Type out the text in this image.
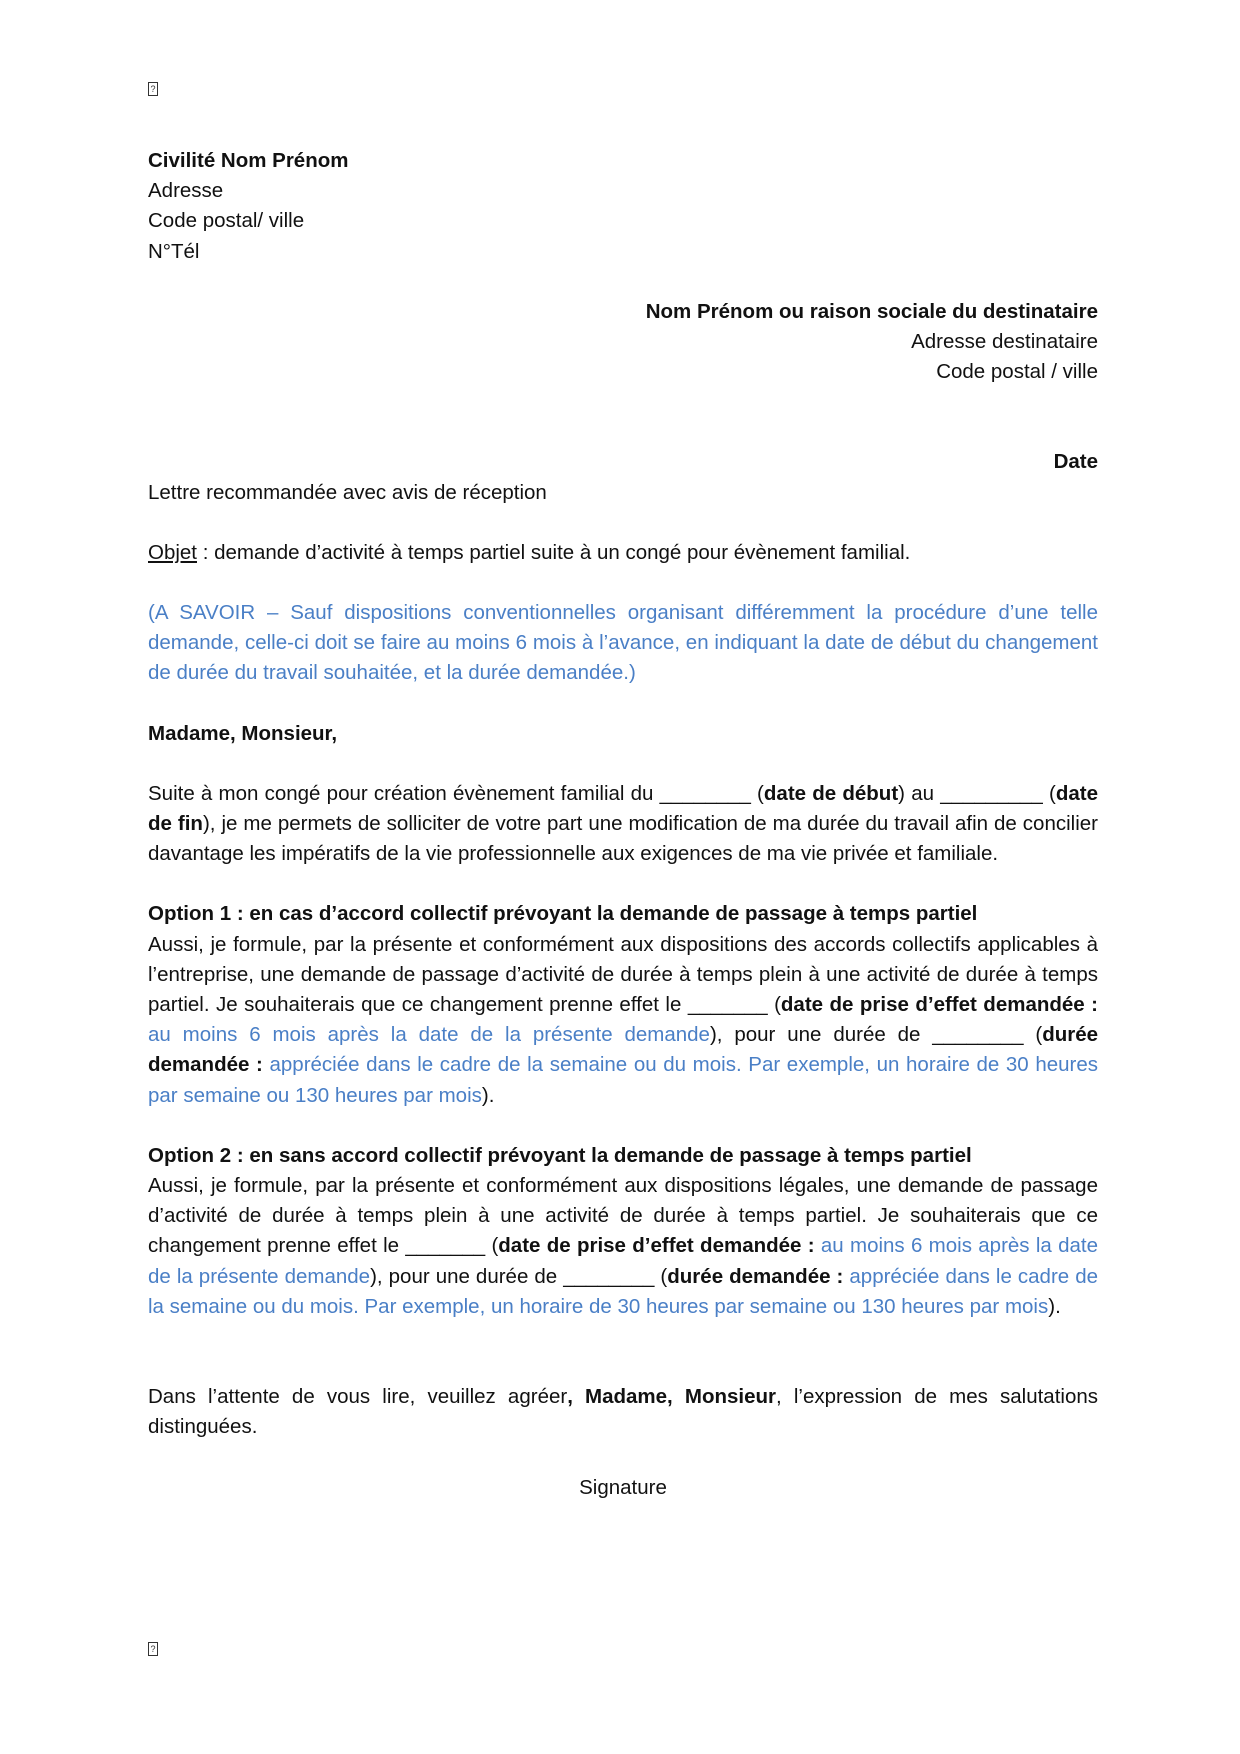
?

Civilité Nom Prénom

Adresse

Code postal/ ville

N°Tél

Nom Prénom ou raison sociale du destinataire

Adresse destinataire

Code postal / ville

Date

Lettre recommandée avec avis de réception

Objet : demande d’activité à temps partiel suite à un congé pour évènement familial.

(A SAVOIR – Sauf dispositions conventionnelles organisant différemment la procédure d’une telle demande, celle-ci doit se faire au moins 6 mois à l’avance, en indiquant la date de début du changement de durée du travail souhaitée, et la durée demandée.)

Madame, Monsieur,

Suite à mon congé pour création évènement familial du ________ (date de début) au _________ (date de fin), je me permets de solliciter de votre part une modification de ma durée du travail afin de concilier davantage les impératifs de la vie professionnelle aux exigences de ma vie privée et familiale.

Option 1 : en cas d’accord collectif prévoyant la demande de passage à temps partiel

Aussi, je formule, par la présente et conformément aux dispositions des accords collectifs applicables à l’entreprise, une demande de passage d’activité de durée à temps plein à une activité de durée à temps partiel. Je souhaiterais que ce changement prenne effet le _______ (date de prise d’effet demandée : au moins 6 mois après la date de la présente demande), pour une durée de ________ (durée demandée : appréciée dans le cadre de la semaine ou du mois. Par exemple, un horaire de 30 heures par semaine ou 130 heures par mois).

Option 2 : en sans accord collectif prévoyant la demande de passage à temps partiel

Aussi, je formule, par la présente et conformément aux dispositions légales, une demande de passage d’activité de durée à temps plein à une activité de durée à temps partiel. Je souhaiterais que ce changement prenne effet le _______ (date de prise d’effet demandée : au moins 6 mois après la date de la présente demande), pour une durée de ________ (durée demandée : appréciée dans le cadre de la semaine ou du mois. Par exemple, un horaire de 30 heures par semaine ou 130 heures par mois).

Dans l’attente de vous lire, veuillez agréer, Madame, Monsieur, l’expression de mes salutations distinguées.

Signature

?
